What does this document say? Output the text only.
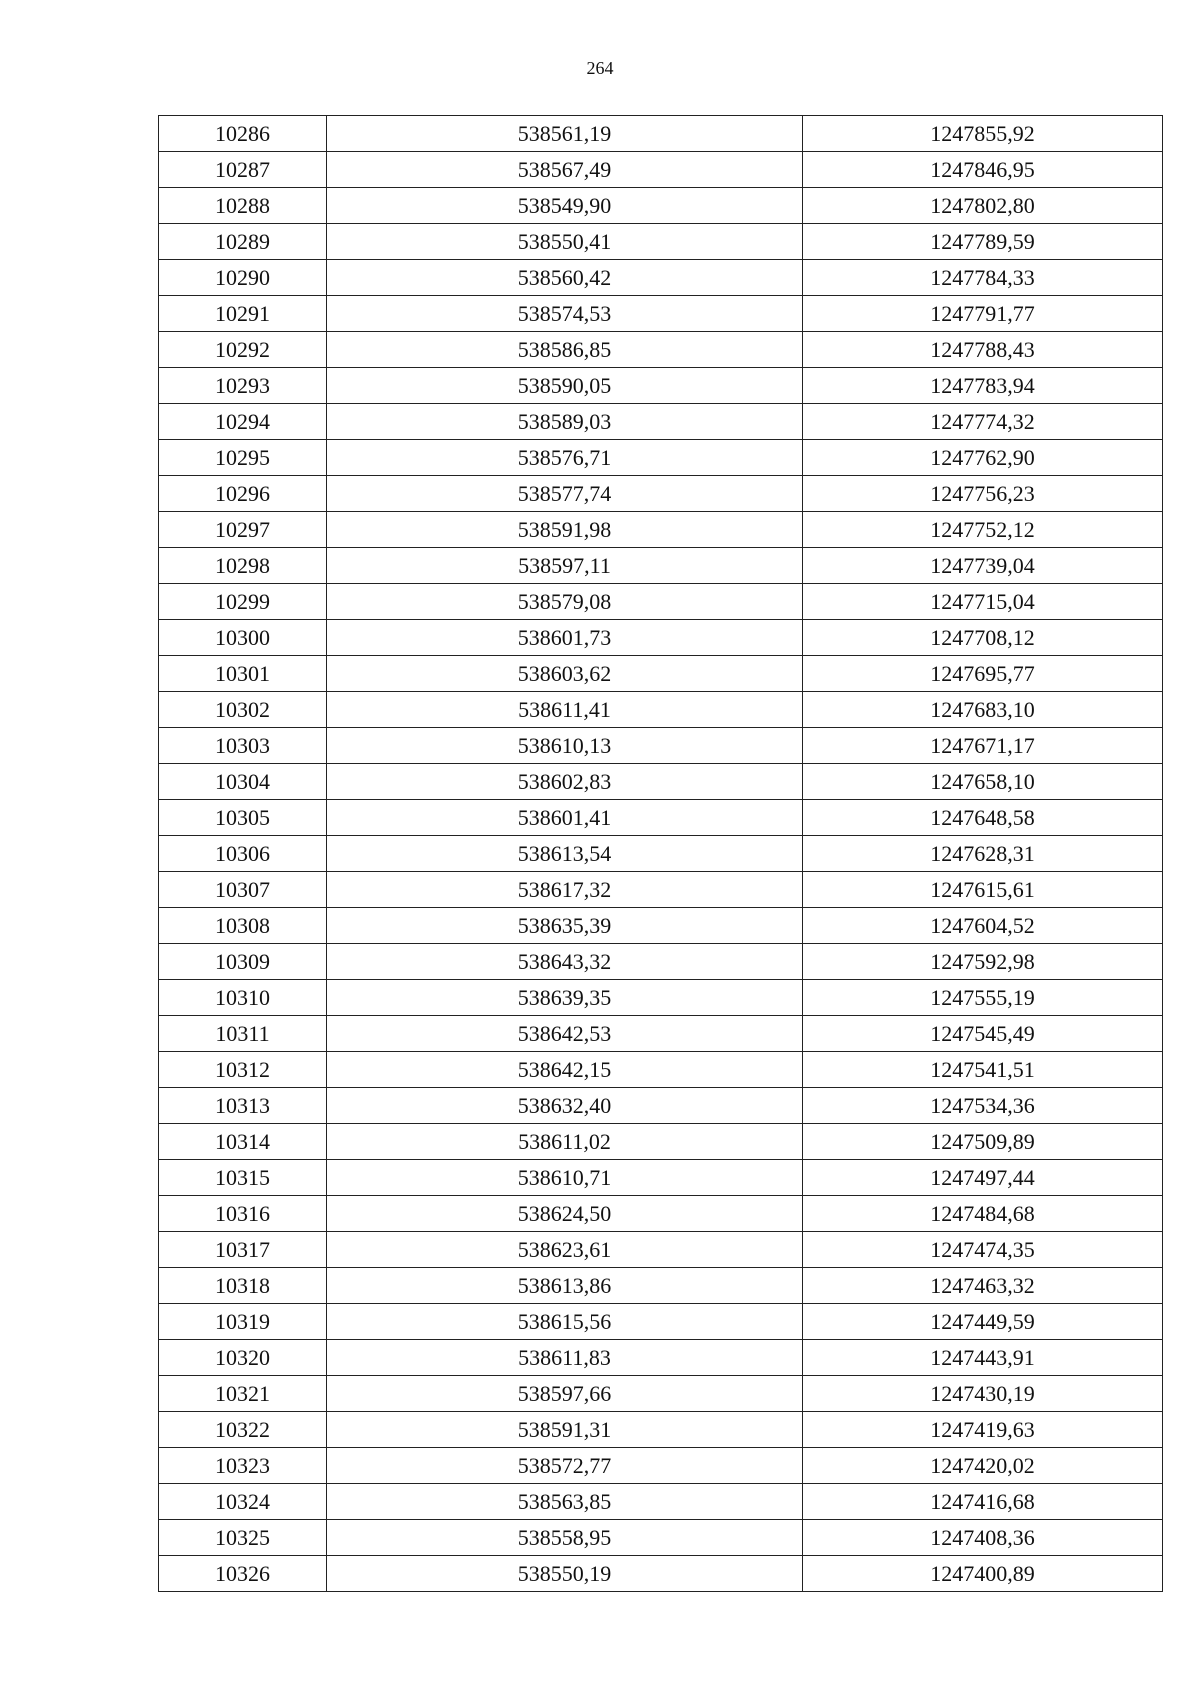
264
10286	538561,19	1247855,92
10287	538567,49	1247846,95
10288	538549,90	1247802,80
10289	538550,41	1247789,59
10290	538560,42	1247784,33
10291	538574,53	1247791,77
10292	538586,85	1247788,43
10293	538590,05	1247783,94
10294	538589,03	1247774,32
10295	538576,71	1247762,90
10296	538577,74	1247756,23
10297	538591,98	1247752,12
10298	538597,11	1247739,04
10299	538579,08	1247715,04
10300	538601,73	1247708,12
10301	538603,62	1247695,77
10302	538611,41	1247683,10
10303	538610,13	1247671,17
10304	538602,83	1247658,10
10305	538601,41	1247648,58
10306	538613,54	1247628,31
10307	538617,32	1247615,61
10308	538635,39	1247604,52
10309	538643,32	1247592,98
10310	538639,35	1247555,19
10311	538642,53	1247545,49
10312	538642,15	1247541,51
10313	538632,40	1247534,36
10314	538611,02	1247509,89
10315	538610,71	1247497,44
10316	538624,50	1247484,68
10317	538623,61	1247474,35
10318	538613,86	1247463,32
10319	538615,56	1247449,59
10320	538611,83	1247443,91
10321	538597,66	1247430,19
10322	538591,31	1247419,63
10323	538572,77	1247420,02
10324	538563,85	1247416,68
10325	538558,95	1247408,36
10326	538550,19	1247400,89
